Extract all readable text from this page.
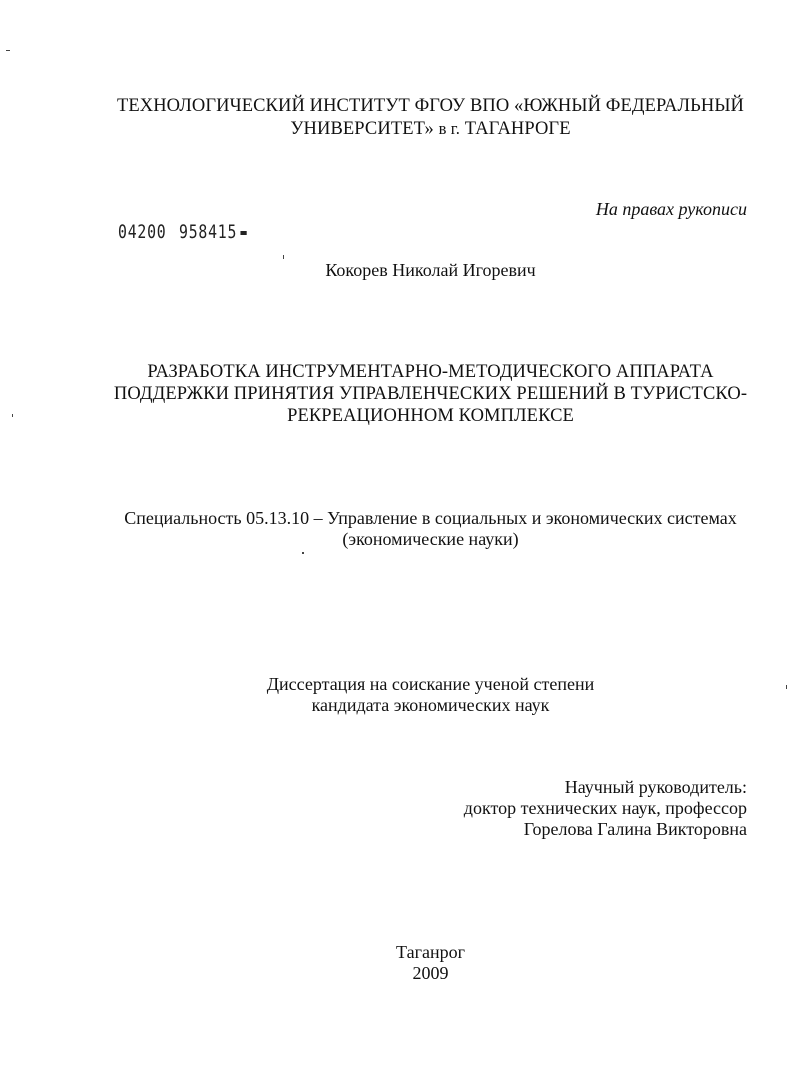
ТЕХНОЛОГИЧЕСКИЙ ИНСТИТУТ ФГОУ ВПО «ЮЖНЫЙ ФЕДЕРАЛЬНЫЙ
УНИВЕРСИТЕТ» в г. ТАГАНРОГЕ
На правах рукописи
04200 958415
Кокорев Николай Игоревич
РАЗРАБОТКА ИНСТРУМЕНТАРНО-МЕТОДИЧЕСКОГО АППАРАТА
ПОДДЕРЖКИ ПРИНЯТИЯ УПРАВЛЕНЧЕСКИХ РЕШЕНИЙ В ТУРИСТСКО-
РЕКРЕАЦИОННОМ КОМПЛЕКСЕ
Специальность 05.13.10 – Управление в социальных и экономических системах
(экономические науки)
Диссертация на соискание ученой степени
кандидата экономических наук
Научный руководитель:
доктор технических наук, профессор
Горелова Галина Викторовна
Таганрог
2009
